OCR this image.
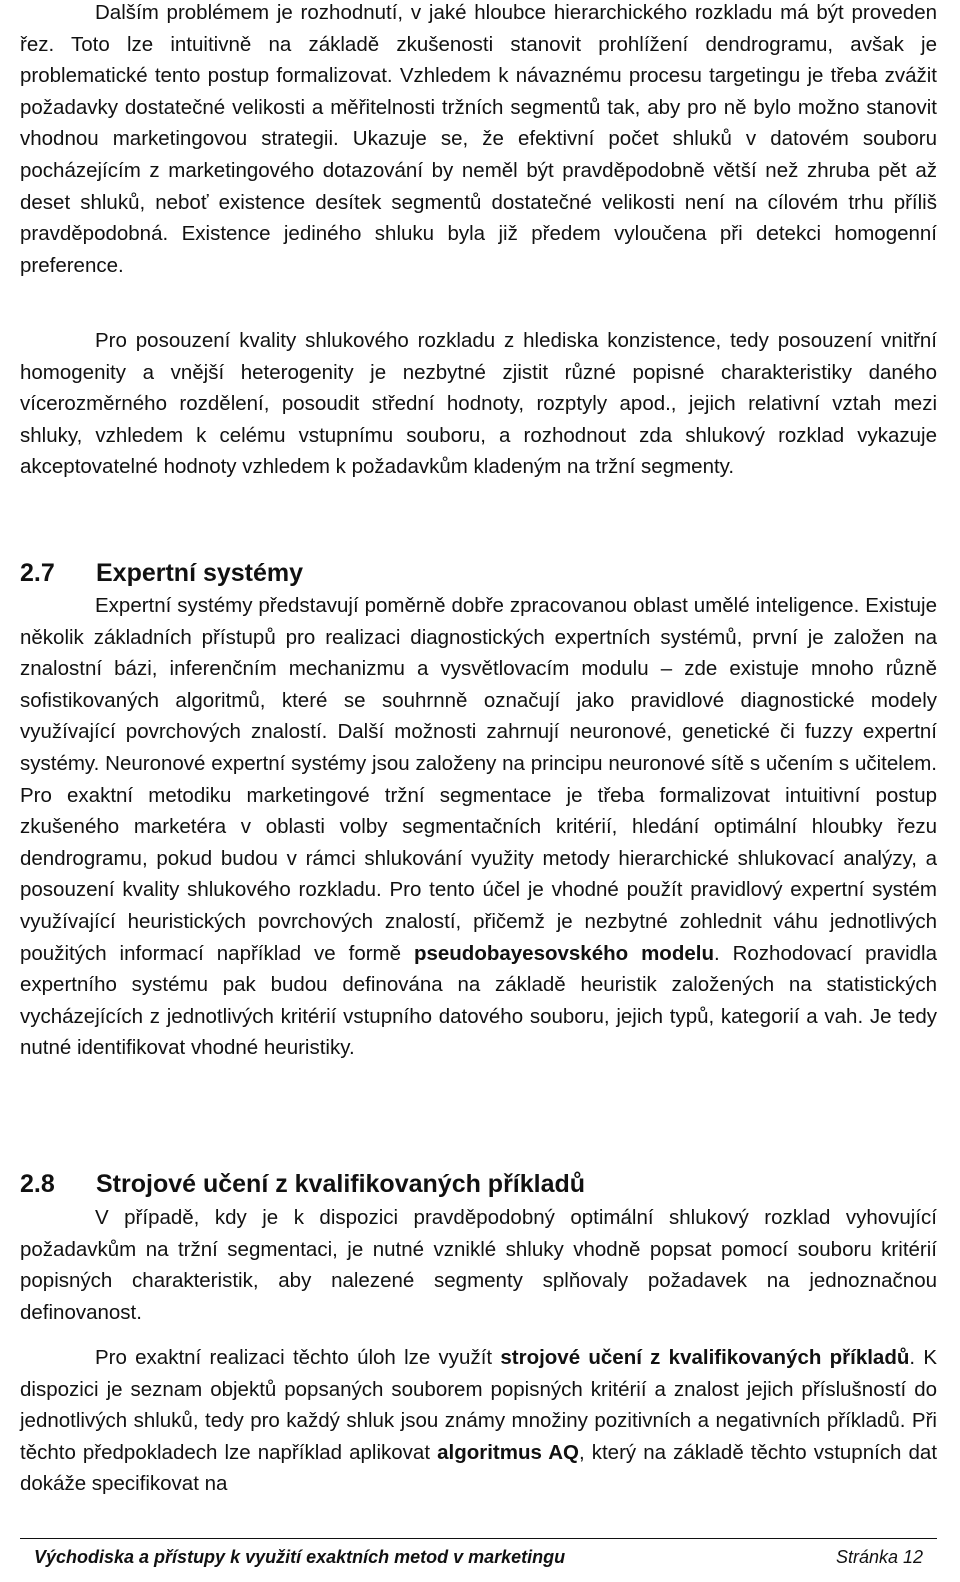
Dalším problémem je rozhodnutí, v jaké hloubce hierarchického rozkladu má být proveden řez. Toto lze intuitivně na základě zkušenosti stanovit prohlížení dendrogramu, avšak je problematické tento postup formalizovat. Vzhledem k návaznému procesu targetingu je třeba zvážit požadavky dostatečné velikosti a měřitelnosti tržních segmentů tak, aby pro ně bylo možno stanovit vhodnou marketingovou strategii. Ukazuje se, že efektivní počet shluků v datovém souboru pocházejícím z marketingového dotazování by neměl být pravděpodobně větší než zhruba pět až deset shluků, neboť existence desítek segmentů dostatečné velikosti není na cílovém trhu příliš pravděpodobná. Existence jediného shluku byla již předem vyloučena při detekci homogenní preference.

Pro posouzení kvality shlukového rozkladu z hlediska konzistence, tedy posouzení vnitřní homogenity a vnější heterogenity je nezbytné zjistit různé popisné charakteristiky daného vícerozměrného rozdělení, posoudit střední hodnoty, rozptyly apod., jejich relativní vztah mezi shluky, vzhledem k celému vstupnímu souboru, a rozhodnout zda shlukový rozklad vykazuje akceptovatelné hodnoty vzhledem k požadavkům kladeným na tržní segmenty.

2.7 Expertní systémy

Expertní systémy představují poměrně dobře zpracovanou oblast umělé inteligence. Existuje několik základních přístupů pro realizaci diagnostických expertních systémů, první je založen na znalostní bázi, inferenčním mechanizmu a vysvětlovacím modulu – zde existuje mnoho různě sofistikovaných algoritmů, které se souhrnně označují jako pravidlové diagnostické modely využívající povrchových znalostí. Další možnosti zahrnují neuronové, genetické či fuzzy expertní systémy. Neuronové expertní systémy jsou založeny na principu neuronové sítě s učením s učitelem. Pro exaktní metodiku marketingové tržní segmentace je třeba formalizovat intuitivní postup zkušeného marketéra v oblasti volby segmentačních kritérií, hledání optimální hloubky řezu dendrogramu, pokud budou v rámci shlukování využity metody hierarchické shlukovací analýzy, a posouzení kvality shlukového rozkladu. Pro tento účel je vhodné použít pravidlový expertní systém využívající heuristických povrchových znalostí, přičemž je nezbytné zohlednit váhu jednotlivých použitých informací například ve formě pseudobayesovského modelu. Rozhodovací pravidla expertního systému pak budou definována na základě heuristik založených na statistických vycházejících z jednotlivých kritérií vstupního datového souboru, jejich typů, kategorií a vah. Je tedy nutné identifikovat vhodné heuristiky.

2.8 Strojové učení z kvalifikovaných příkladů

V případě, kdy je k dispozici pravděpodobný optimální shlukový rozklad vyhovující požadavkům na tržní segmentaci, je nutné vzniklé shluky vhodně popsat pomocí souboru kritérií popisných charakteristik, aby nalezené segmenty splňovaly požadavek na jednoznačnou definovanost.

Pro exaktní realizaci těchto úloh lze využít strojové učení z kvalifikovaných příkladů. K dispozici je seznam objektů popsaných souborem popisných kritérií a znalost jejich příslušností do jednotlivých shluků, tedy pro každý shluk jsou známy množiny pozitivních a negativních příkladů. Při těchto předpokladech lze například aplikovat algoritmus AQ, který na základě těchto vstupních dat dokáže specifikovat na

Východiska a přístupy k využití exaktních metod v marketingu	Stránka 12
